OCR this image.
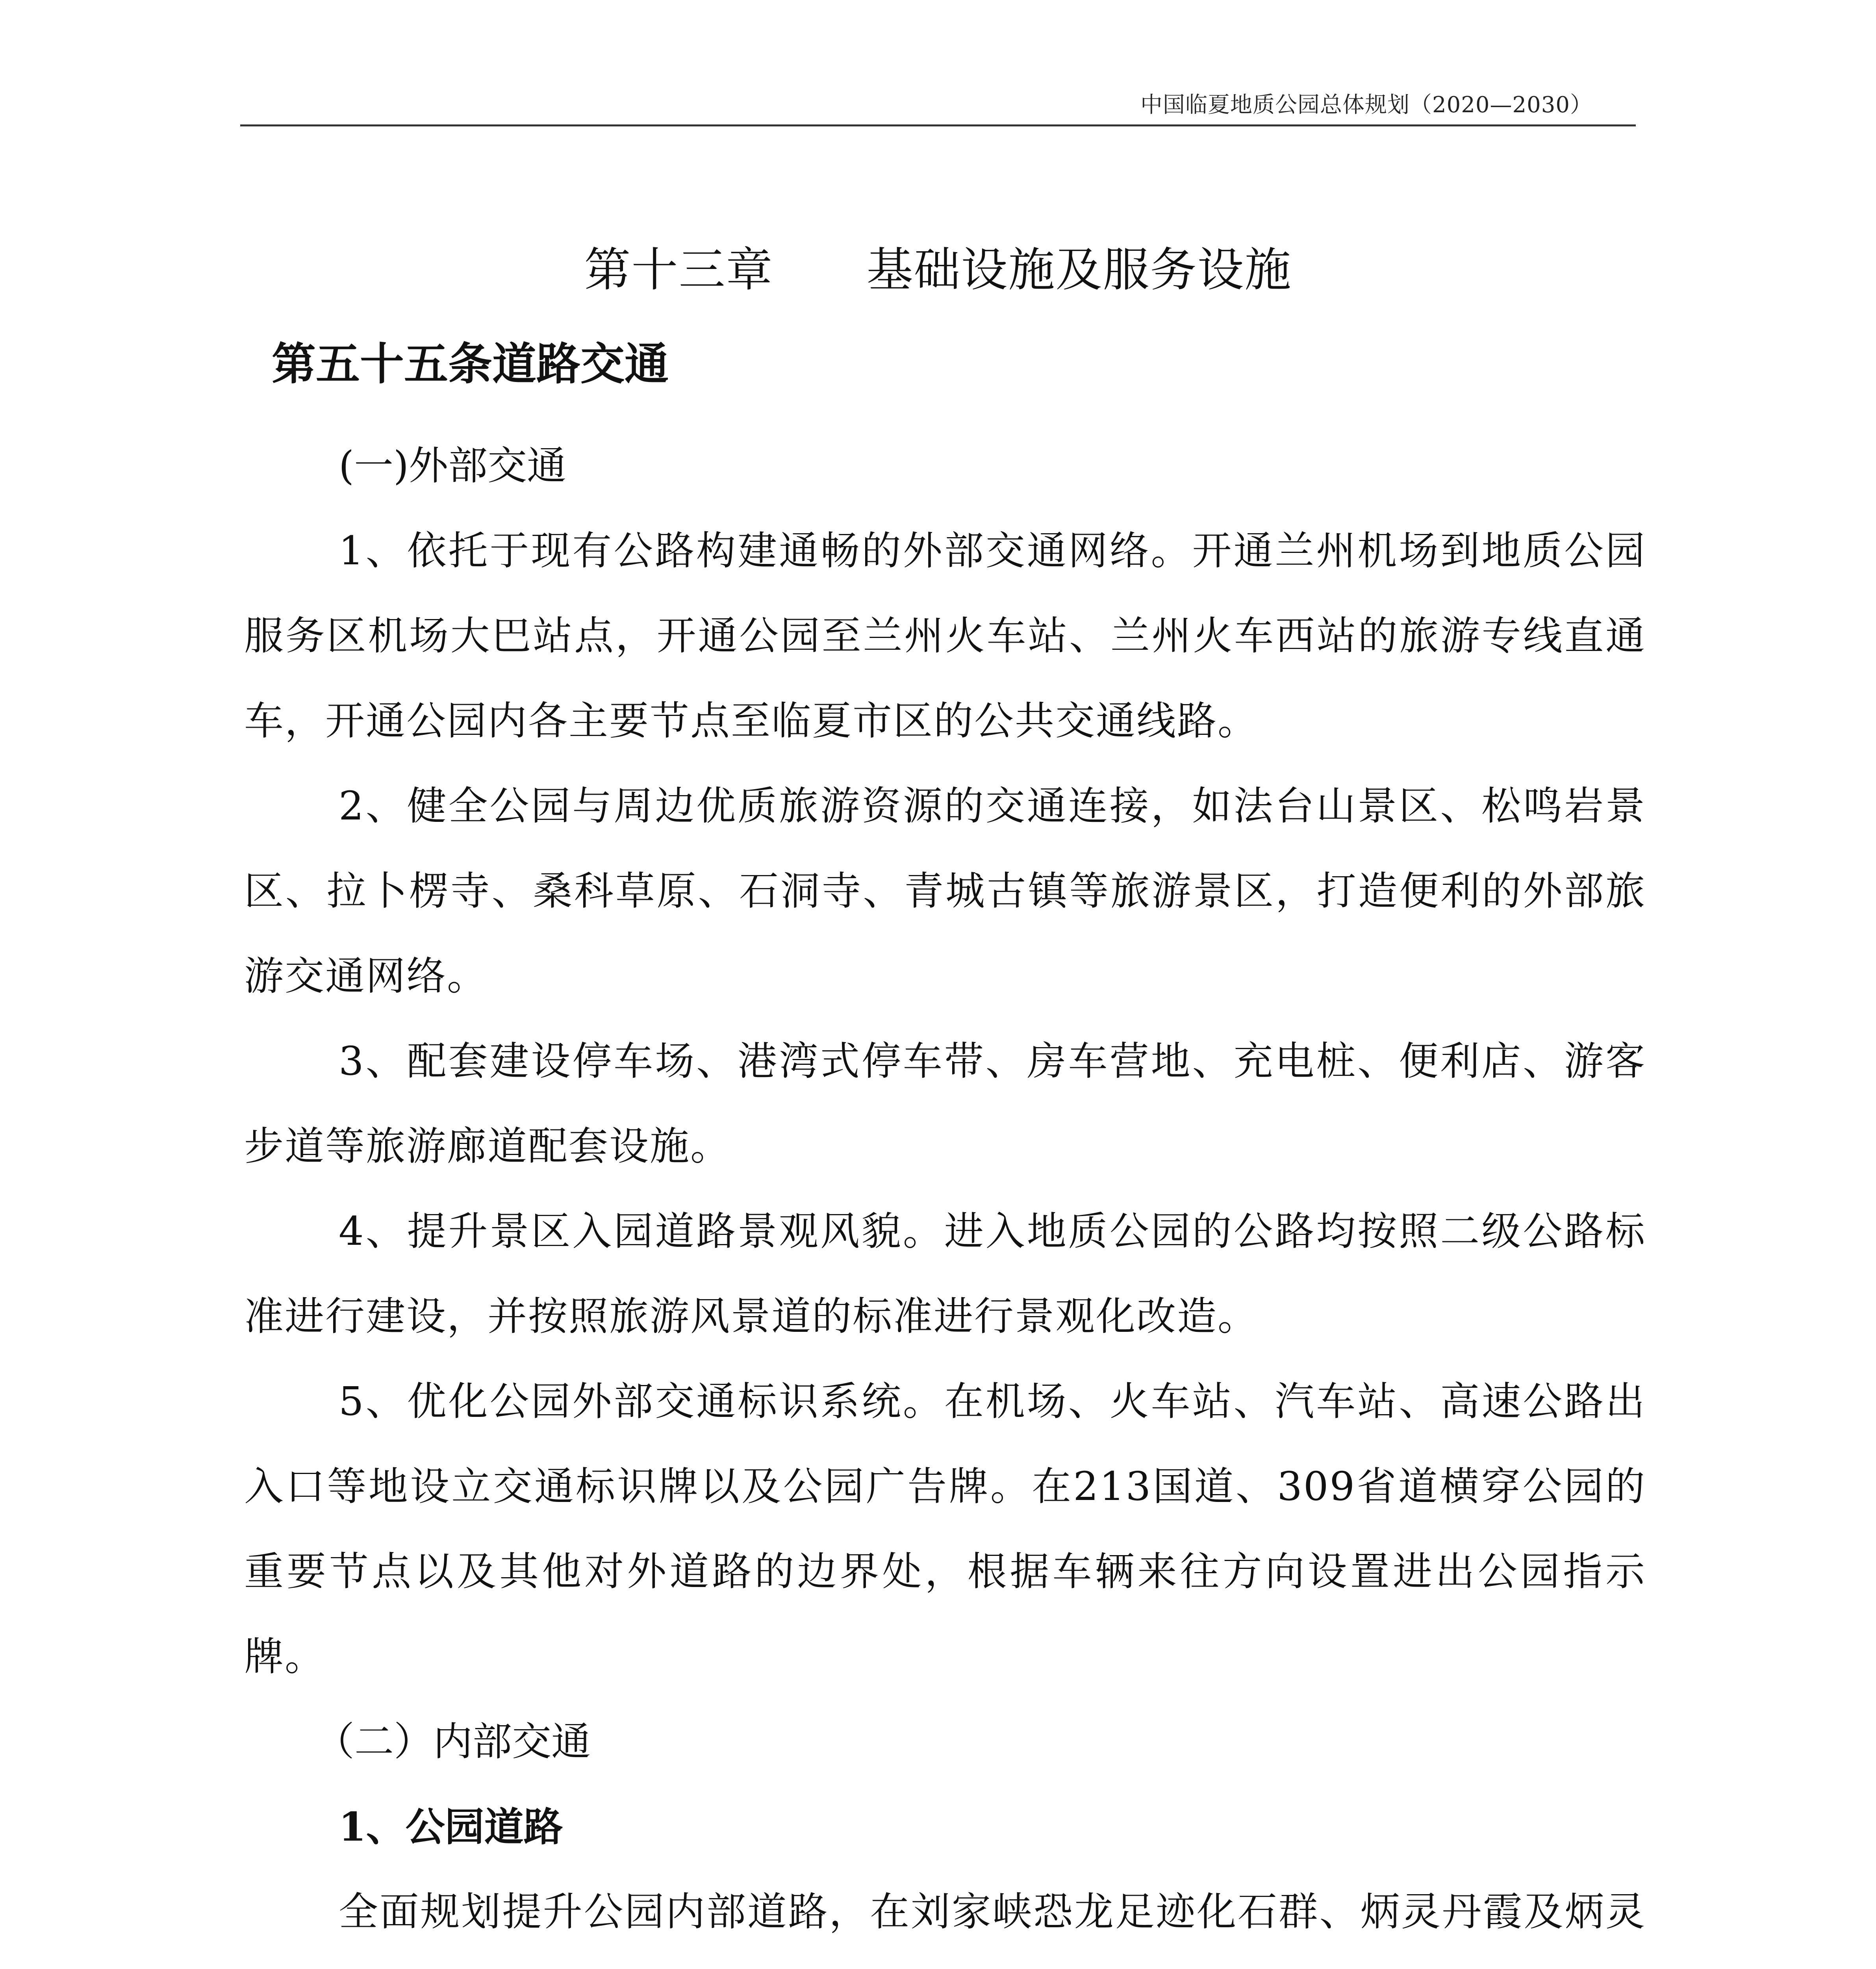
中国临夏地质公园总体规划（2020—2030）
第十三章      基础设施及服务设施
第五十五条道路交通

(一)外部交通

1、依托于现有公路构建通畅的外部交通网络。开通兰州机场到地质公园服务区机场大巴站点，开通公园至兰州火车站、兰州火车西站的旅游专线直通车，开通公园内各主要节点至临夏市区的公共交通线路。

2、健全公园与周边优质旅游资源的交通连接，如法台山景区、松鸣岩景区、拉卜楞寺、桑科草原、石洞寺、青城古镇等旅游景区，打造便利的外部旅游交通网络。

3、配套建设停车场、港湾式停车带、房车营地、充电桩、便利店、游客步道等旅游廊道配套设施。

4、提升景区入园道路景观风貌。进入地质公园的公路均按照二级公路标准进行建设，并按照旅游风景道的标准进行景观化改造。

5、优化公园外部交通标识系统。在机场、火车站、汽车站、高速公路出入口等地设立交通标识牌以及公园广告牌。在213国道、309省道横穿公园的重要节点以及其他对外道路的边界处，根据车辆来往方向设置进出公园指示牌。

（二）内部交通

1、公园道路

全面规划提升公园内部道路，在刘家峡恐龙足迹化石群、炳灵丹霞及炳灵
